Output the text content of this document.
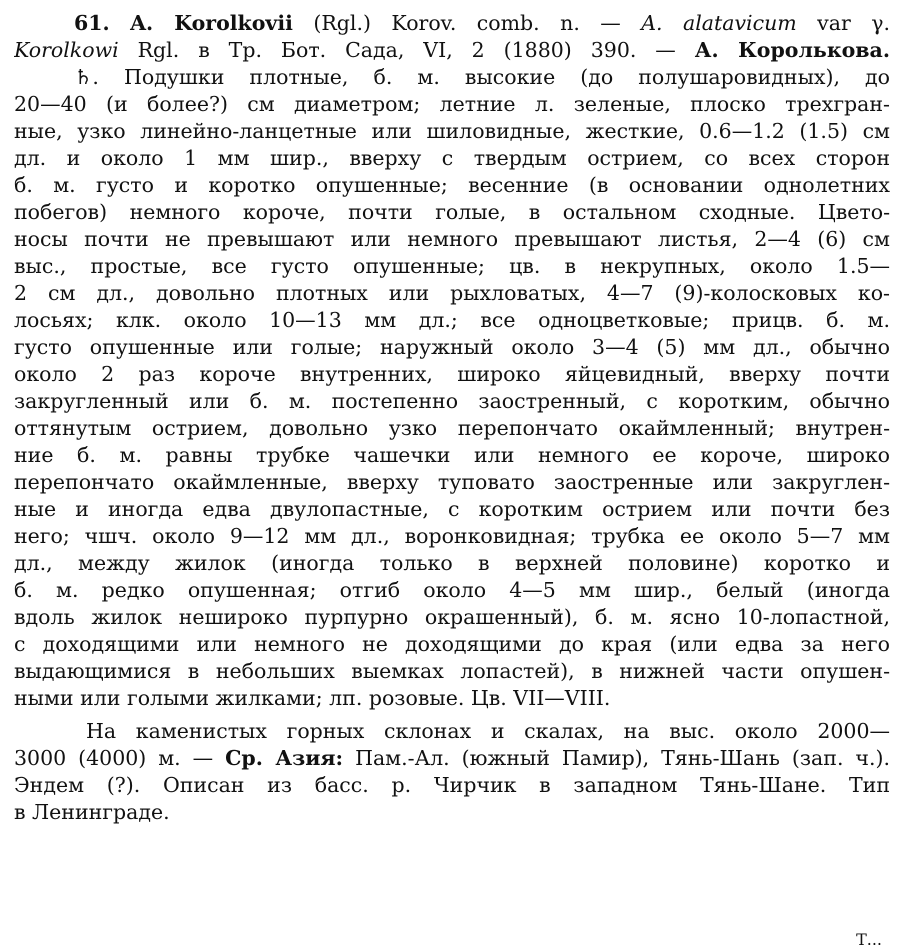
61. A. Korolkovii (Rgl.) Korov. comb. n. — A. alatavicum var γ.
Korolkowi Rgl. в Тр. Бот. Сада, VI, 2 (1880) 390. — А. Королькова.
♄. Подушки плотные, б. м. высокие (до полушаровидных), до
20—40 (и более?) см диаметром; летние л. зеленые, плоско трехгран-
ные, узко линейно-ланцетные или шиловидные, жесткие, 0.6—1.2 (1.5) см
дл. и около 1 мм шир., вверху с твердым острием, со всех сторон
б. м. густо и коротко опушенные; весенние (в основании однолетних
побегов) немного короче, почти голые, в остальном сходные. Цвето-
носы почти не превышают или немного превышают листья, 2—4 (6) см
выс., простые, все густо опушенные; цв. в некрупных, около 1.5—
2 см дл., довольно плотных или рыхловатых, 4—7 (9)-колосковых ко-
лосьях; клк. около 10—13 мм дл.; все одноцветковые; прицв. б. м.
густо опушенные или голые; наружный около 3—4 (5) мм дл., обычно
около 2 раз короче внутренних, широко яйцевидный, вверху почти
закругленный или б. м. постепенно заостренный, с коротким, обычно
оттянутым острием, довольно узко перепончато окаймленный; внутрен-
ние б. м. равны трубке чашечки или немного ее короче, широко
перепончато окаймленные, вверху туповато заостренные или закруглен-
ные и иногда едва двулопастные, с коротким острием или почти без
него; чшч. около 9—12 мм дл., воронковидная; трубка ее около 5—7 мм
дл., между жилок (иногда только в верхней половине) коротко и
б. м. редко опушенная; отгиб около 4—5 мм шир., белый (иногда
вдоль жилок неширoко пурпурно окрашенный), б. м. ясно 10-лопастной,
с доходящими или немного не доходящими до края (или едва за него
выдающимися в небольших выемках лопастей), в нижней части опушен-
ными или голыми жилками; лп. розовые. Цв. VII—VIII.
На каменистых горных склонах и скалах, на выс. около 2000—
3000 (4000) м. — Ср. Азия: Пам.-Ал. (южный Памир), Тянь-Шань (зап. ч.).
Эндем (?). Описан из басс. р. Чирчик в западном Тянь-Шане. Тип
в Ленинграде.
Т...
